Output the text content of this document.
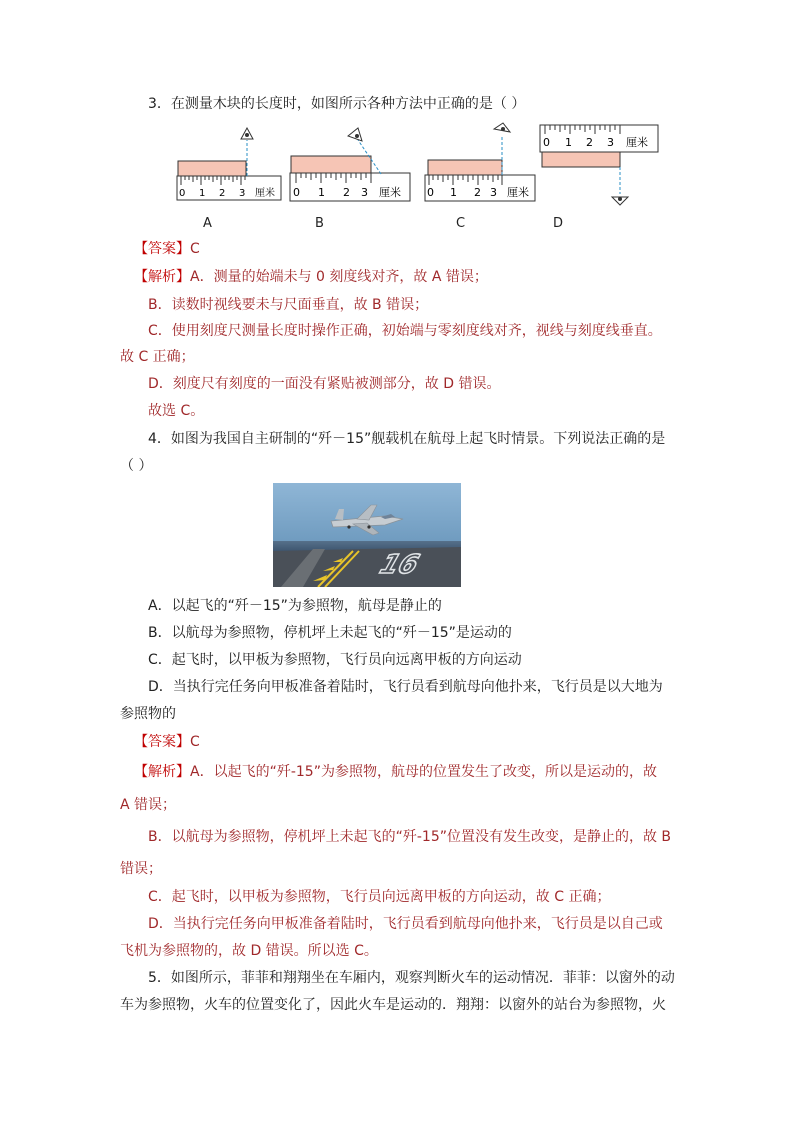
3．在测量木块的长度时，如图所示各种方法中正确的是（ ）
0 1 2 3 厘米 0 1 2 3 厘米 0 1 2 3 厘米
0 1 2 3 厘米
A	B	C	D
【答案】C
【解析】A．测量的始端未与 0 刻度线对齐，故 A 错误；
B．读数时视线要未与尺面垂直，故 B 错误；
C．使用刻度尺测量长度时操作正确，初始端与零刻度线对齐，视线与刻度线垂直。
故 C 正确；
D．刻度尺有刻度的一面没有紧贴被测部分，故 D 错误。
故选 C。
4．如图为我国自主研制的“歼－15”舰载机在航母上起飞时情景。下列说法正确的是
（ ）
16
A．以起飞的“歼－15”为参照物，航母是静止的
B．以航母为参照物，停机坪上未起飞的“歼－15”是运动的
C．起飞时，以甲板为参照物，飞行员向远离甲板的方向运动
D．当执行完任务向甲板准备着陆时，飞行员看到航母向他扑来，飞行员是以大地为
参照物的
【答案】C
【解析】A．以起飞的“歼-15”为参照物，航母的位置发生了改变，所以是运动的，故
A 错误；
B．以航母为参照物，停机坪上未起飞的“歼-15”位置没有发生改变，是静止的，故 B
错误；
C．起飞时，以甲板为参照物，飞行员向远离甲板的方向运动，故 C 正确；
D．当执行完任务向甲板准备着陆时，飞行员看到航母向他扑来，飞行员是以自己或
飞机为参照物的，故 D 错误。所以选 C。
5．如图所示，菲菲和翔翔坐在车厢内，观察判断火车的运动情况．菲菲：以窗外的动
车为参照物，火车的位置变化了，因此火车是运动的．翔翔：以窗外的站台为参照物，火
